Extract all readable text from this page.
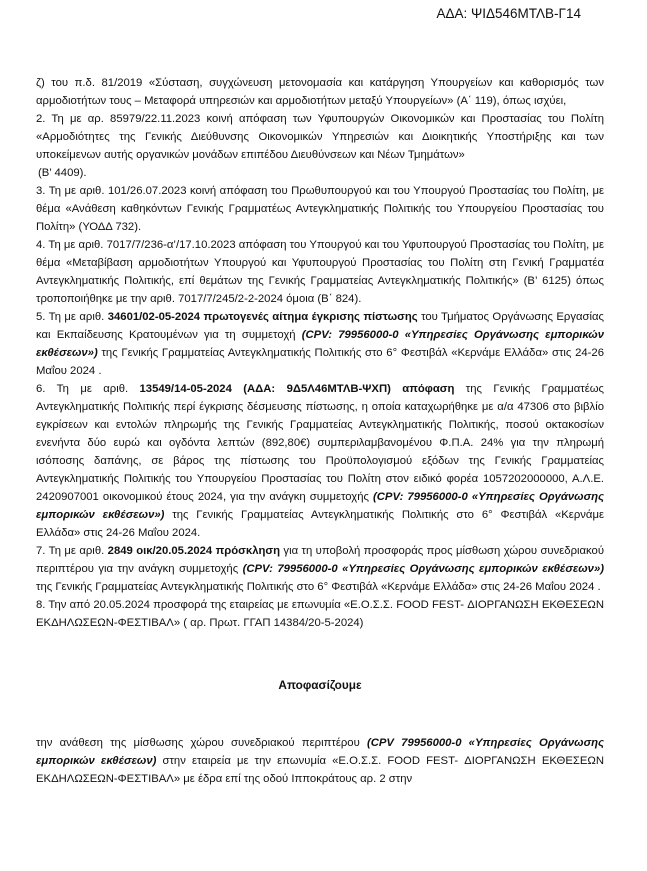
ΑΔΑ: ΨΙΔ546ΜΤΛΒ-Γ14

ζ) του π.δ. 81/2019 «Σύσταση, συγχώνευση μετονομασία και κατάργηση Υπουργείων και καθορισμός των αρμοδιοτήτων τους – Μεταφορά υπηρεσιών και αρμοδιοτήτων μεταξύ Υπουργείων» (Α΄ 119), όπως ισχύει,

2. Τη με αρ. 85979/22.11.2023 κοινή απόφαση των Υφυπουργών Οικονομικών και Προστασίας του Πολίτη «Αρμοδιότητες της Γενικής Διεύθυνσης Οικονομικών Υπηρεσιών και Διοικητικής Υποστήριξης και των υποκείμενων αυτής οργανικών μονάδων επιπέδου Διευθύνσεων και Νέων Τμημάτων»

(Β’ 4409).

3. Τη με αριθ. 101/26.07.2023 κοινή απόφαση του Πρωθυπουργού και του Υπουργού Προστασίας του Πολίτη, με θέμα «Ανάθεση καθηκόντων Γενικής Γραμματέως Αντεγκληματικής Πολιτικής του Υπουργείου Προστασίας του Πολίτη» (ΥΟΔΔ 732).

4. Τη με αριθ. 7017/7/236-α’/17.10.2023 απόφαση του Υπουργού και του Υφυπουργού Προστασίας του Πολίτη, με θέμα «Μεταβίβαση αρμοδιοτήτων Υπουργού και Υφυπουργού Προστασίας του Πολίτη στη Γενική Γραμματέα Αντεγκληματικής Πολιτικής, επί θεμάτων της Γενικής Γραμματείας Αντεγκληματικής Πολιτικής» (Β’ 6125) όπως τροποποιήθηκε με την αριθ. 7017/7/245/2-2-2024 όμοια (Β΄ 824).

5. Τη με αριθ. 34601/02-05-2024 πρωτογενές αίτημα έγκρισης πίστωσης του Τμήματος Οργάνωσης Εργασίας και Εκπαίδευσης Κρατουμένων για τη συμμετοχή (CPV: 79956000-0 «Υπηρεσίες Οργάνωσης εμπορικών εκθέσεων») της Γενικής Γραμματείας Αντεγκληματικής Πολιτικής στο 6° Φεστιβάλ «Κερνάμε Ελλάδα» στις 24-26 Μαΐου 2024 .

6. Τη με αριθ. 13549/14-05-2024 (ΑΔΑ: 9Δ5Λ46ΜΤΛΒ-ΨΧΠ) απόφαση της Γενικής Γραμματέως Αντεγκληματικής Πολιτικής περί έγκρισης δέσμευσης πίστωσης, η οποία καταχωρήθηκε με α/α 47306 στο βιβλίο εγκρίσεων και εντολών πληρωμής της Γενικής Γραμματείας Αντεγκληματικής Πολιτικής, ποσού οκτακοσίων ενενήντα δύο ευρώ και ογδόντα λεπτών (892,80€) συμπεριλαμβανομένου Φ.Π.Α. 24% για την πληρωμή ισόποσης δαπάνης, σε βάρος της πίστωσης του Προϋπολογισμού εξόδων της Γενικής Γραμματείας Αντεγκληματικής Πολιτικής του Υπουργείου Προστασίας του Πολίτη στον ειδικό φορέα 1057202000000, Α.Λ.Ε. 2420907001 οικονομικού έτους 2024, για την ανάγκη συμμετοχής (CPV: 79956000-0 «Υπηρεσίες Οργάνωσης εμπορικών εκθέσεων») της Γενικής Γραμματείας Αντεγκληματικής Πολιτικής στο 6° Φεστιβάλ «Κερνάμε Ελλάδα» στις 24-26 Μαΐου 2024.

7. Τη με αριθ. 2849 οικ/20.05.2024 πρόσκληση για τη υποβολή προσφοράς προς μίσθωση χώρου συνεδριακού περιπτέρου για την ανάγκη συμμετοχής (CPV: 79956000-0 «Υπηρεσίες Οργάνωσης εμπορικών εκθέσεων») της Γενικής Γραμματείας Αντεγκληματικής Πολιτικής στο 6° Φεστιβάλ «Κερνάμε Ελλάδα» στις 24-26 Μαΐου 2024 .

8. Την από 20.05.2024 προσφορά της εταιρείας με επωνυμία «Ε.Ο.Σ.Σ. FOOD FEST- ΔΙΟΡΓΑΝΩΣΗ ΕΚΘΕΣΕΩΝ ΕΚΔΗΛΩΣΕΩΝ-ΦΕΣΤΙΒΑΛ» ( αρ. Πρωτ. ΓΓΑΠ 14384/20-5-2024)

Αποφασίζουμε

την ανάθεση της μίσθωσης χώρου συνεδριακού περιπτέρου (CPV 79956000-0 «Υπηρεσίες Οργάνωσης εμπορικών εκθέσεων) στην εταιρεία με την επωνυμία «Ε.Ο.Σ.Σ. FOOD FEST- ΔΙΟΡΓΑΝΩΣΗ ΕΚΘΕΣΕΩΝ ΕΚΔΗΛΩΣΕΩΝ-ΦΕΣΤΙΒΑΛ» με έδρα επί της οδού Ιπποκράτους αρ. 2 στην
